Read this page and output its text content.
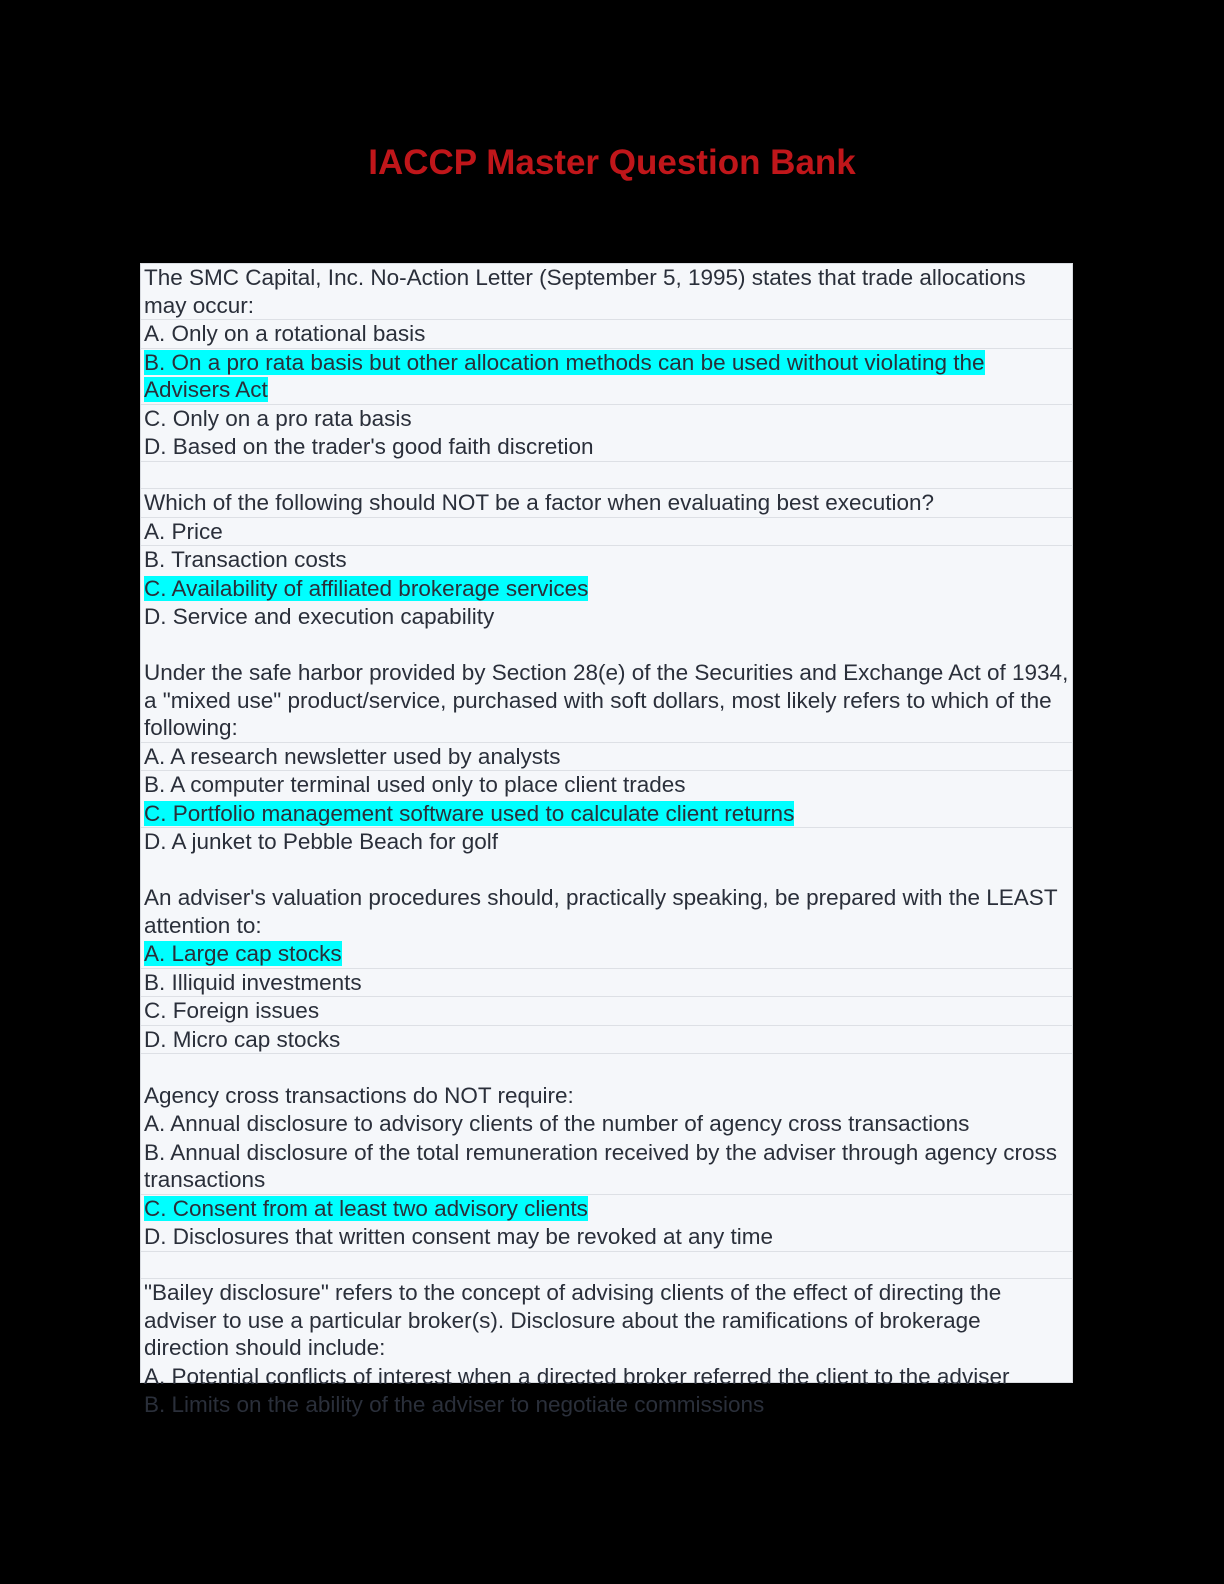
IACCP Master Question Bank
The SMC Capital, Inc. No-Action Letter (September 5, 1995) states that trade allocations may occur:
A. Only on a rotational basis
B. On a pro rata basis but other allocation methods can be used without violating the Advisers Act
C. Only on a pro rata basis
D. Based on the trader's good faith discretion
Which of the following should NOT be a factor when evaluating best execution?
A. Price
B. Transaction costs
C. Availability of affiliated brokerage services
D. Service and execution capability
Under the safe harbor provided by Section 28(e) of the Securities and Exchange Act of 1934, a "mixed use" product/service, purchased with soft dollars, most likely refers to which of the following:
A. A research newsletter used by analysts
B. A computer terminal used only to place client trades
C. Portfolio management software used to calculate client returns
D. A junket to Pebble Beach for golf
An adviser's valuation procedures should, practically speaking, be prepared with the LEAST attention to:
A. Large cap stocks
B. Illiquid investments
C. Foreign issues
D. Micro cap stocks
Agency cross transactions do NOT require:
A. Annual disclosure to advisory clients of the number of agency cross transactions
B. Annual disclosure of the total remuneration received by the adviser through agency cross transactions
C. Consent from at least two advisory clients
D. Disclosures that written consent may be revoked at any time
"Bailey disclosure" refers to the concept of advising clients of the effect of directing the adviser to use a particular broker(s). Disclosure about the ramifications of brokerage direction should include:
A. Potential conflicts of interest when a directed broker referred the client to the adviser
B. Limits on the ability of the adviser to negotiate commissions
